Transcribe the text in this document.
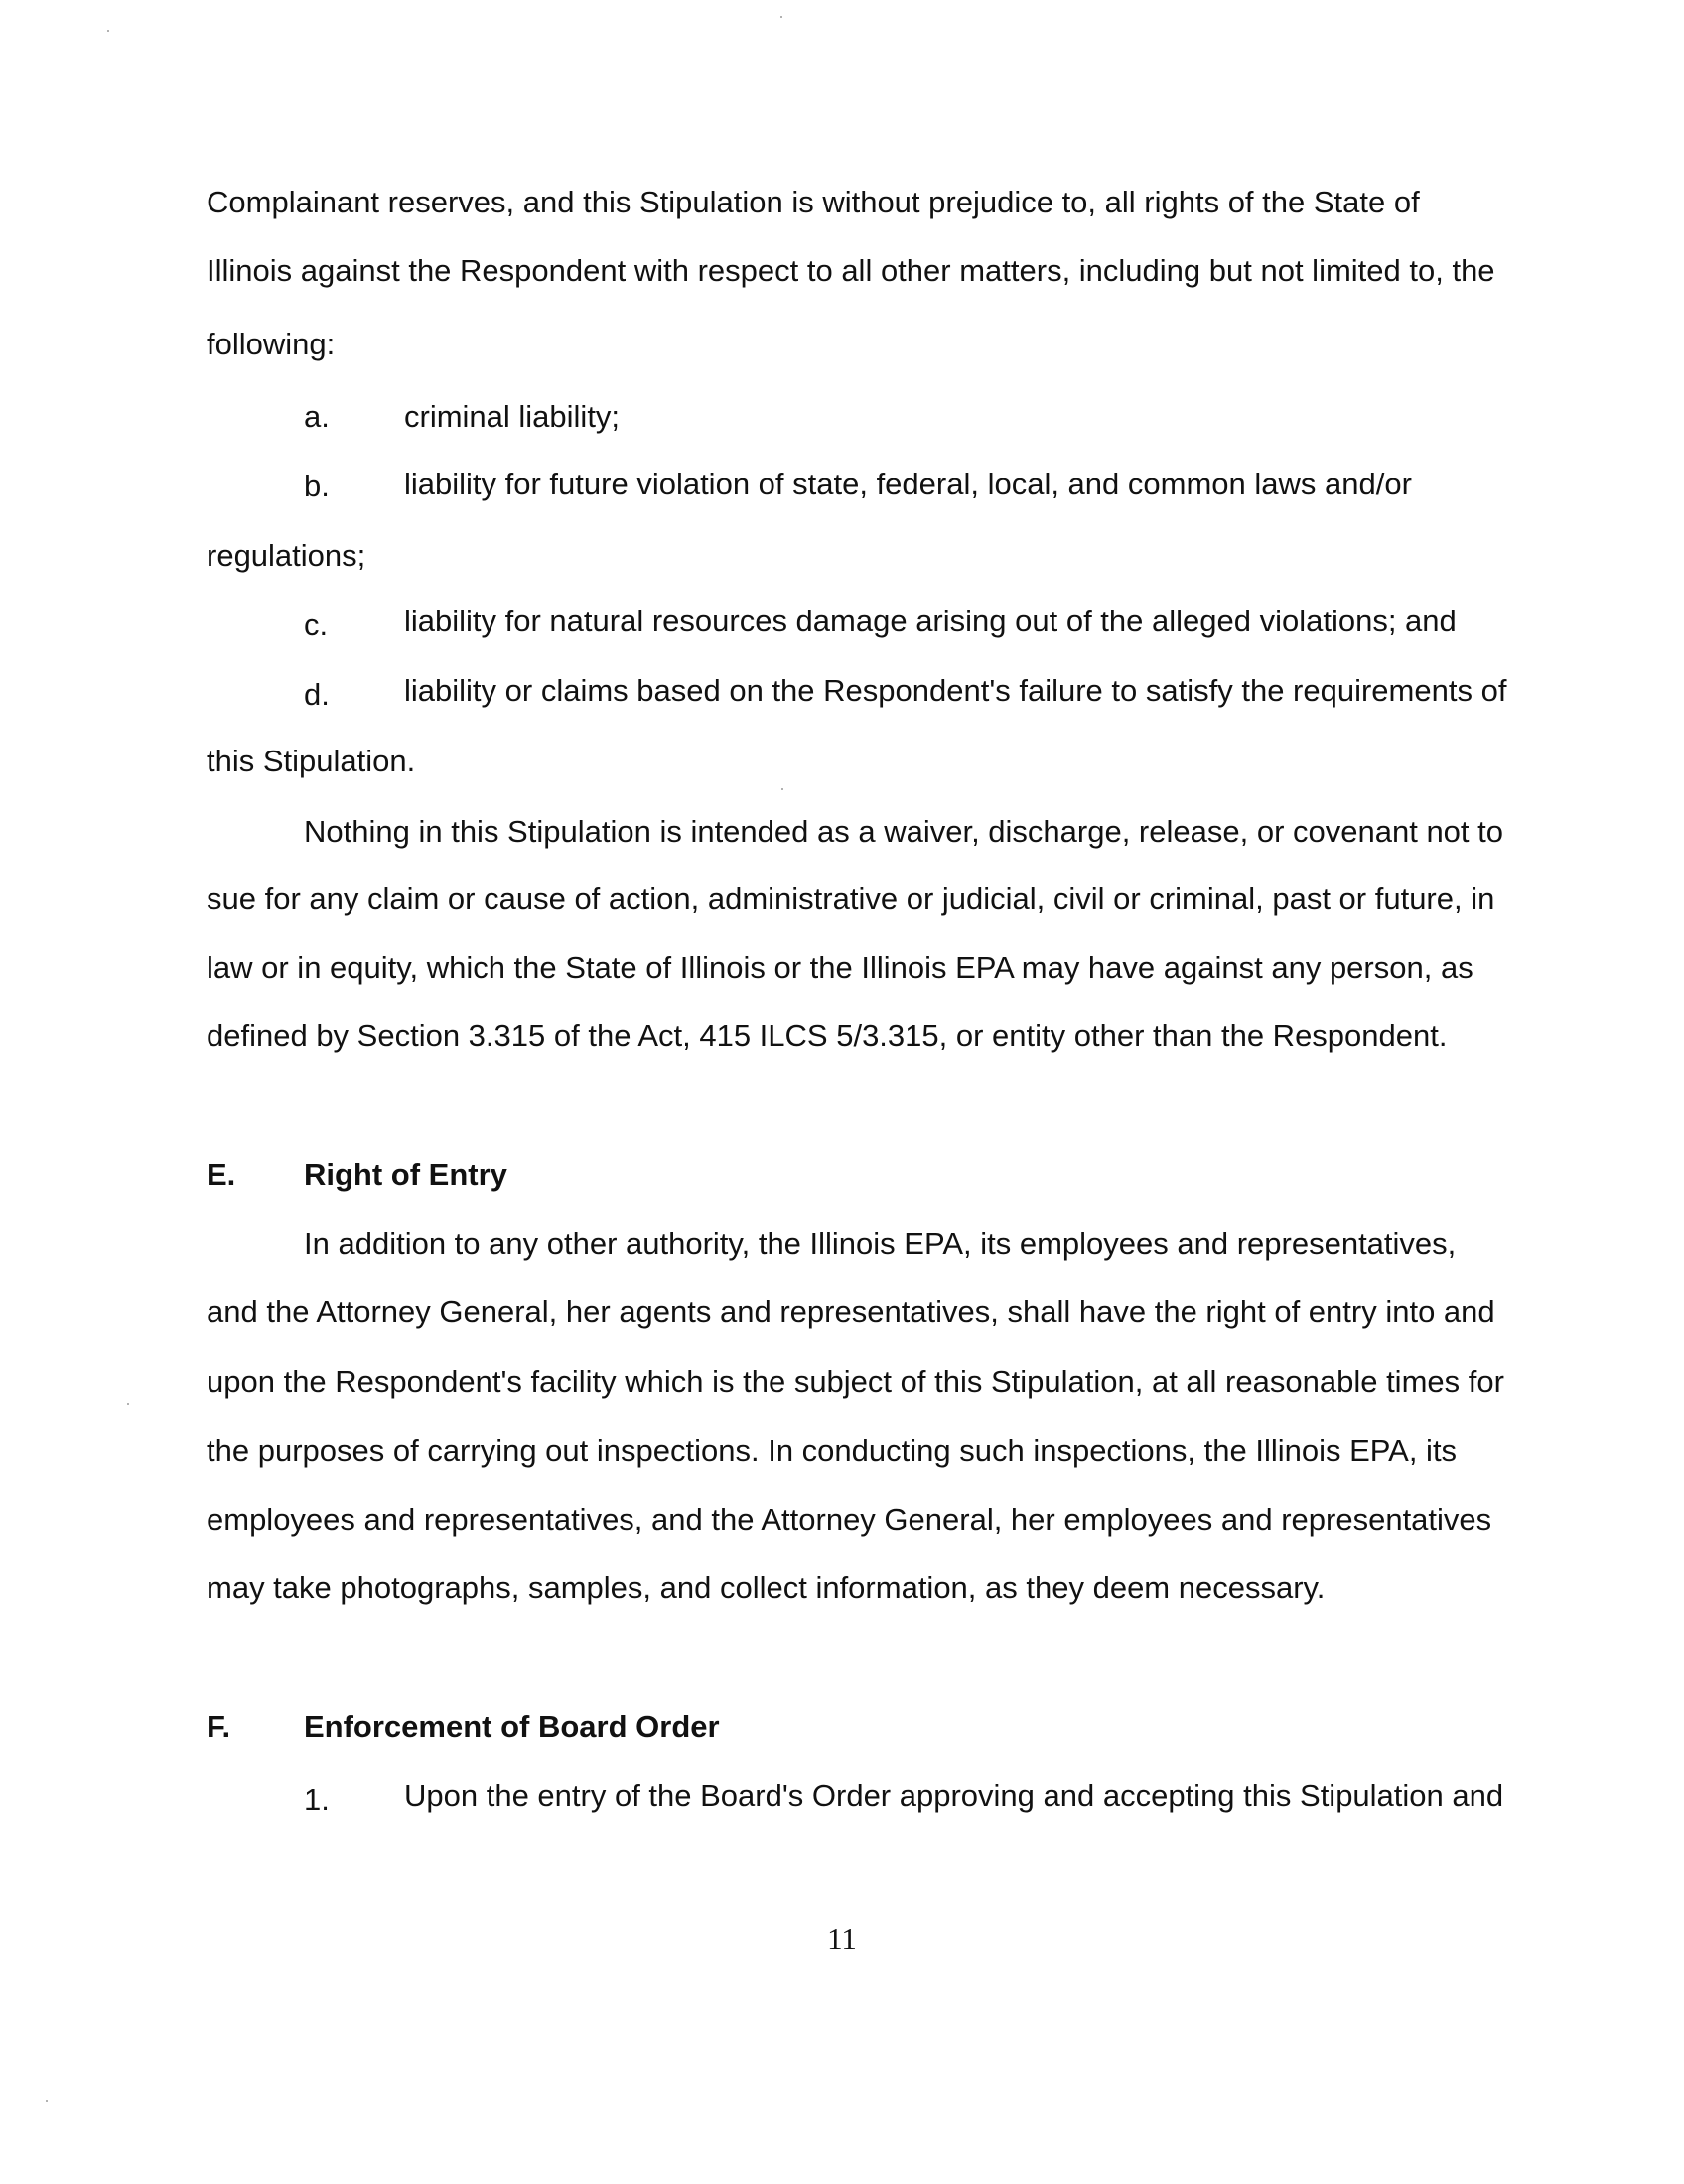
Complainant reserves, and this Stipulation is without prejudice to, all rights of the State of
Illinois against the Respondent with respect to all other matters, including but not limited to, the
following:
a. criminal liability;
b. liability for future violation of state, federal, local, and common laws and/or
regulations;
c. liability for natural resources damage arising out of the alleged violations; and
d. liability or claims based on the Respondent's failure to satisfy the requirements of
this Stipulation.
Nothing in this Stipulation is intended as a waiver, discharge, release, or covenant not to
sue for any claim or cause of action, administrative or judicial, civil or criminal, past or future, in
law or in equity, which the State of Illinois or the Illinois EPA may have against any person, as
defined by Section 3.315 of the Act, 415 ILCS 5/3.315, or entity other than the Respondent.
E. Right of Entry
In addition to any other authority, the Illinois EPA, its employees and representatives,
and the Attorney General, her agents and representatives, shall have the right of entry into and
upon the Respondent's facility which is the subject of this Stipulation, at all reasonable times for
the purposes of carrying out inspections. In conducting such inspections, the Illinois EPA, its
employees and representatives, and the Attorney General, her employees and representatives
may take photographs, samples, and collect information, as they deem necessary.
F. Enforcement of Board Order
1. Upon the entry of the Board's Order approving and accepting this Stipulation and
11
